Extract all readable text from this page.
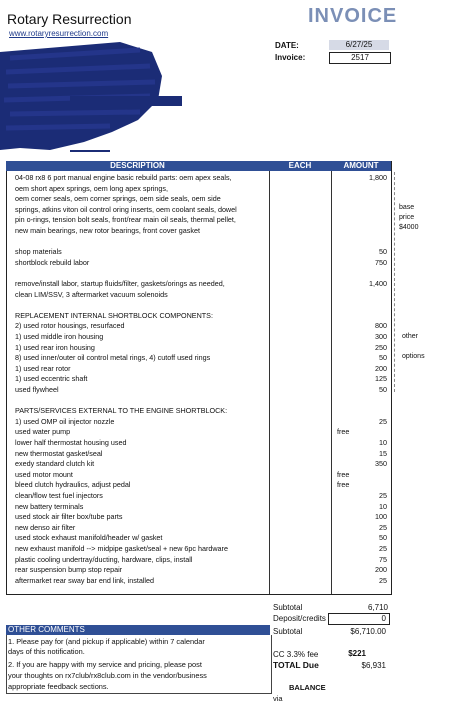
Rotary Resurrection
www.rotaryresurrection.com
INVOICE
DATE:	6/27/25
Invoice:	2517
04-08 rx8 6 port manual engine basic rebuild parts: oem apex seals,	1,800
oem short apex springs, oem long apex springs,
oem corner seals, oem corner springs, oem side seals, oem side
springs, atkins viton oil control oring inserts, oem coolant seals, dowel
pin o-rings, tension bolt seals, front/rear main oil seals, thermal pellet,
new main bearings, new rotor bearings, front cover gasket
shop materials	50
shortblock rebuild labor	750
remove/install labor, startup fluids/filter, gaskets/orings as needed,	1,400
clean LIM/SSV, 3 aftermarket vacuum solenoids
REPLACEMENT INTERNAL SHORTBLOCK COMPONENTS:
2) used rotor housings, resurfaced	800
1) used middle iron housing	300
1) used rear iron housing	250
8) used inner/outer oil control metal rings, 4) cutoff used rings	50
1) used rear rotor	200
1) used eccentric shaft	125
used flywheel	50
PARTS/SERVICES EXTERNAL TO THE ENGINE SHORTBLOCK:
1) used OMP oil injector nozzle	25
used water pump	free
lower half thermostat housing used	10
new thermostat gasket/seal	15
exedy standard clutch kit	350
used motor mount	free
bleed clutch hydraulics, adjust pedal	free
clean/flow test fuel injectors	25
new battery terminals	10
used stock air filter box/tube parts	100
new denso air filter	25
used stock exhaust manifold/header w/ gasket	50
new exhaust manifold --> midpipe gasket/seal + new 6pc hardware	25
plastic cooling undertray/ducting, hardware, clips, install	75
rear suspension bump stop repair	200
aftermarket rear sway bar end link, installed	25
DESCRIPTION	EACH	AMOUNT
base
price
$4000
other
options
Subtotal	6,710
Deposit/credits	0
Subtotal	$6,710.00
CC 3.3% fee	$221
TOTAL Due	$6,931
BALANCE
via
OTHER COMMENTS
1. Please pay for (and pickup if applicable) within 7 calendar
days of this notification.
2. If you are happy with my service and pricing, please post
your thoughts on rx7club/rx8club.com in the vendor/business
appropriate feedback sections.
